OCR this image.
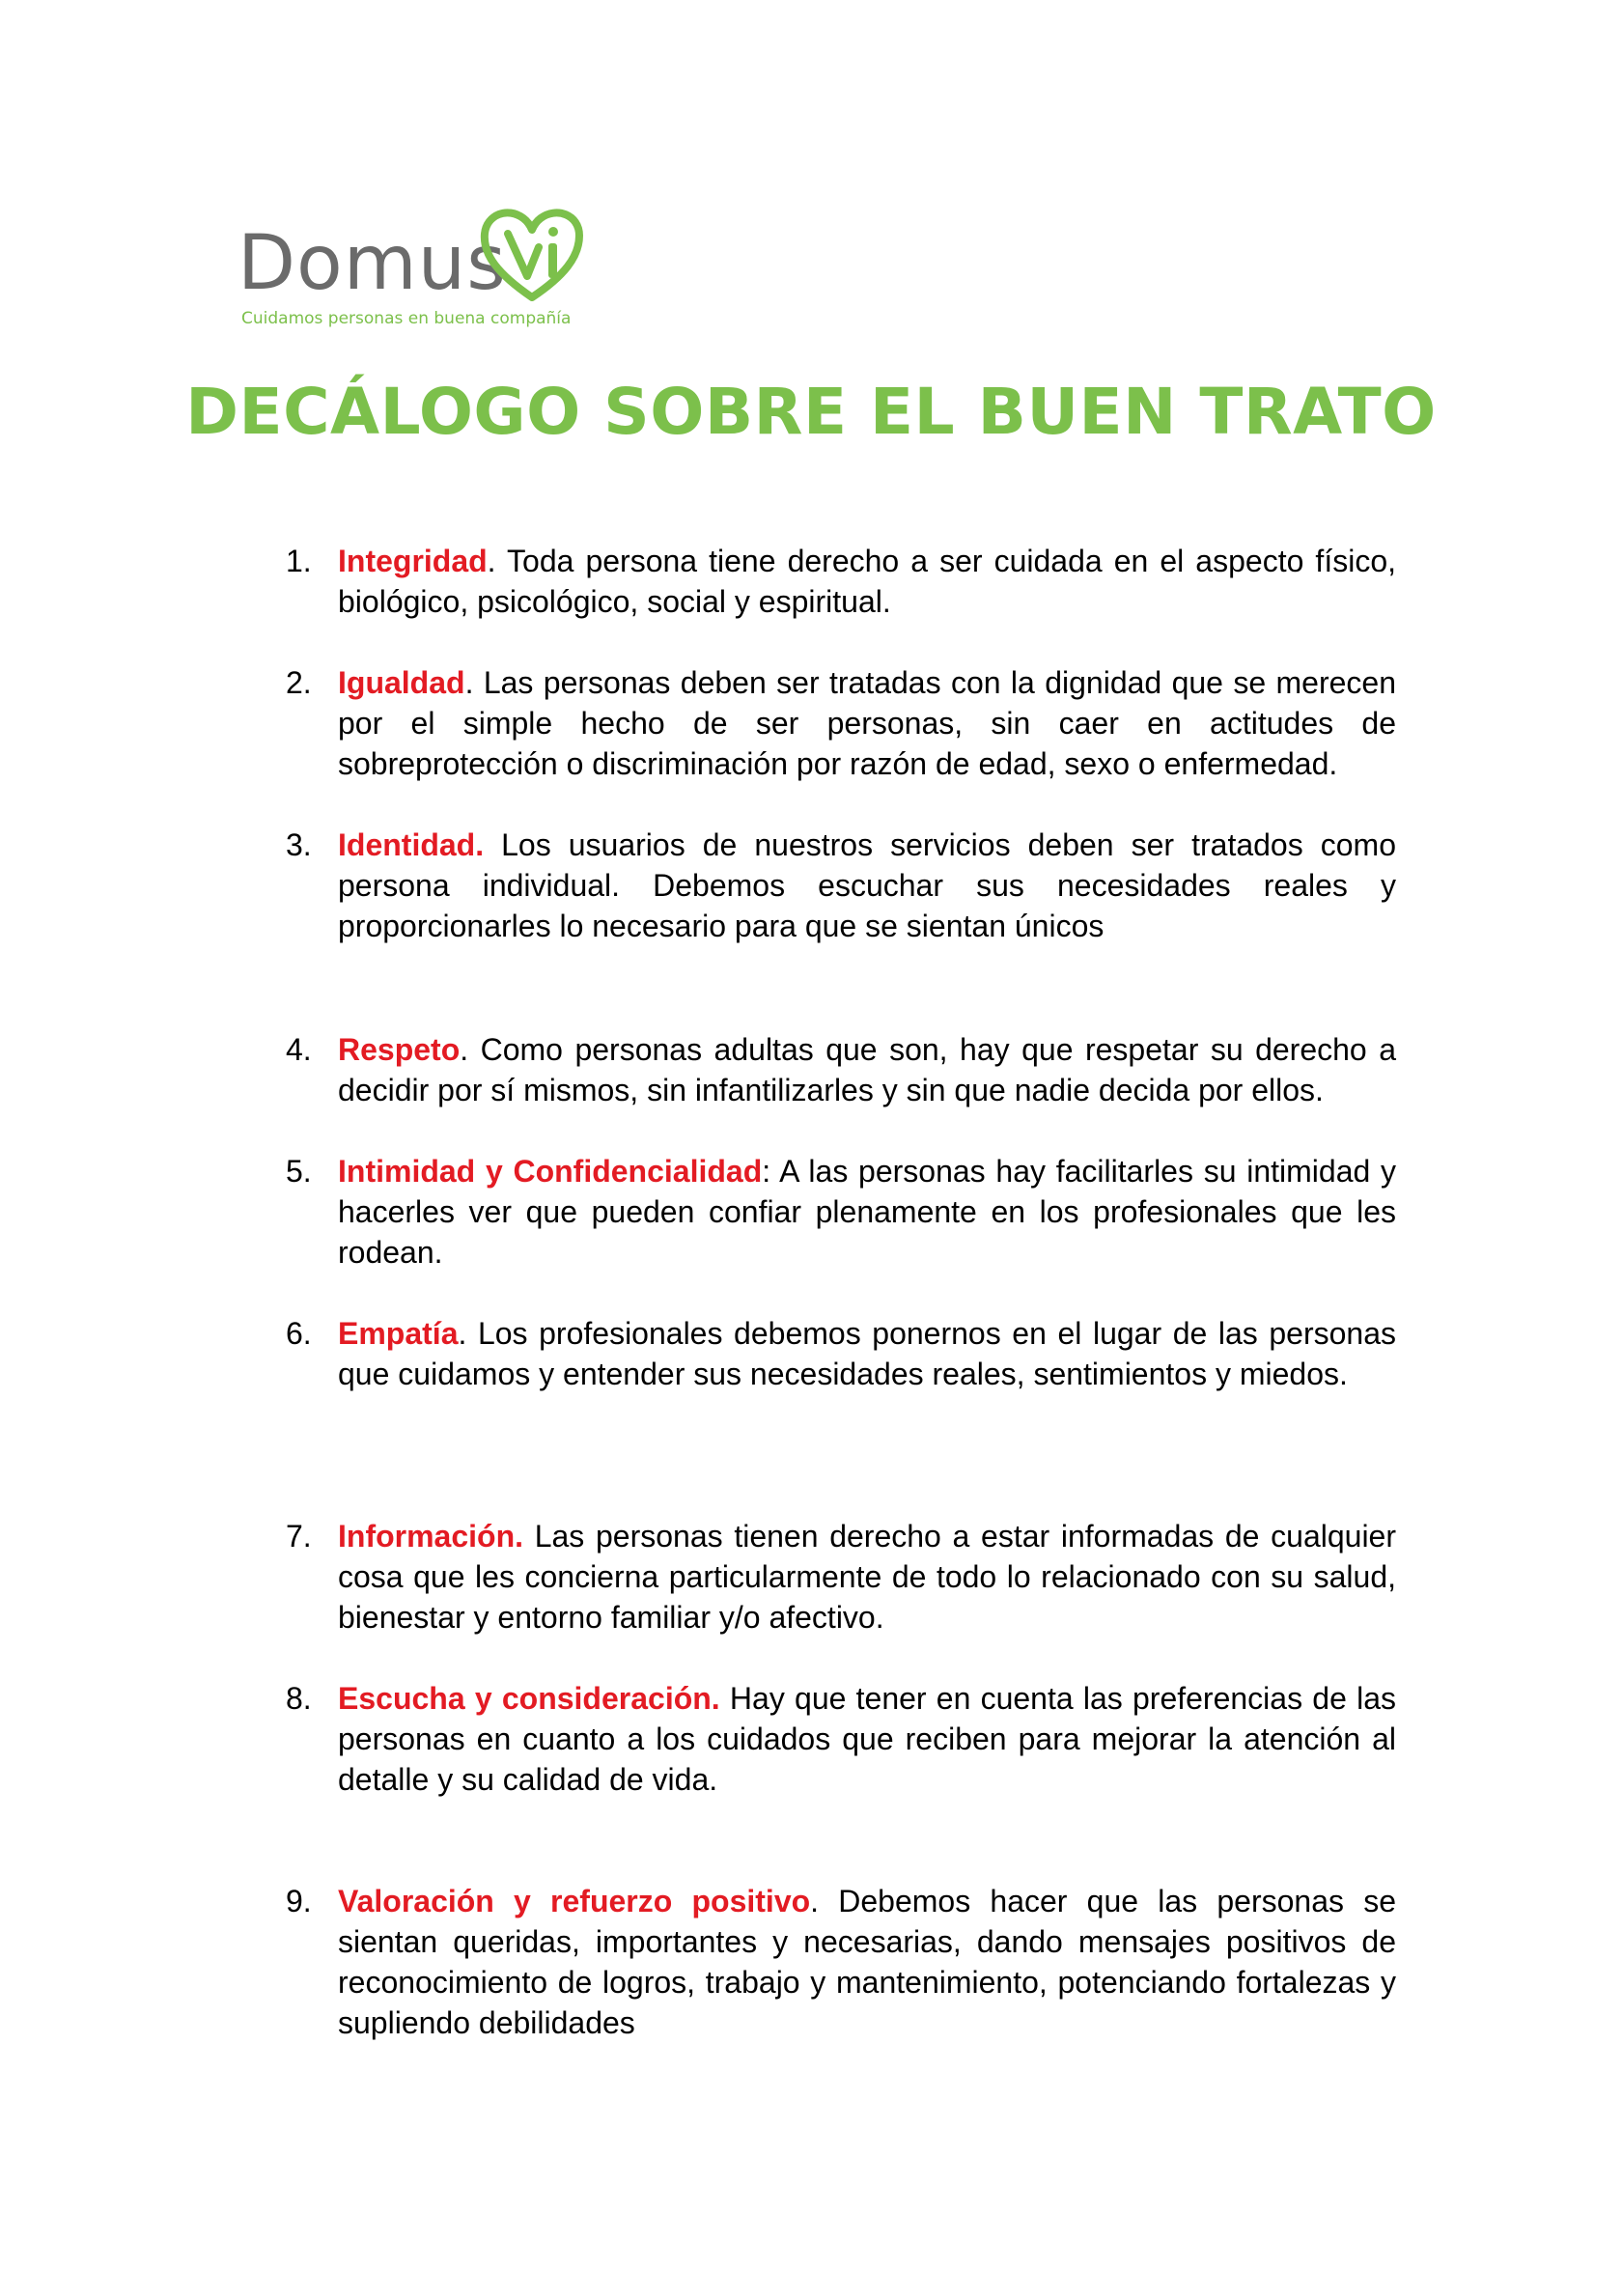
Domus
Cuidamos personas en buena compañía
DECÁLOGO SOBRE EL BUEN TRATO
1. Integridad. Toda persona tiene derecho a ser cuidada en el aspecto físico, biológico, psicológico, social y espiritual.
2. Igualdad. Las personas deben ser tratadas con la dignidad que se merecen por el simple hecho de ser personas, sin caer en actitudes de sobreprotección o discriminación por razón de edad, sexo o enfermedad.
3. Identidad. Los usuarios de nuestros servicios deben ser tratados como persona individual. Debemos escuchar sus necesidades reales y proporcionarles lo necesario para que se sientan únicos
4. Respeto. Como personas adultas que son, hay que respetar su derecho a decidir por sí mismos, sin infantilizarles y sin que nadie decida por ellos.
5. Intimidad y Confidencialidad: A las personas hay facilitarles su intimidad y hacerles ver que pueden confiar plenamente en los profesionales que les rodean.
6. Empatía. Los profesionales debemos ponernos en el lugar de las personas que cuidamos y entender sus necesidades reales, sentimientos y miedos.
7. Información. Las personas tienen derecho a estar informadas de cualquier cosa que les concierna particularmente de todo lo relacionado con su salud, bienestar y entorno familiar y/o afectivo.
8. Escucha y consideración. Hay que tener en cuenta las preferencias de las personas en cuanto a los cuidados que reciben para mejorar la atención al detalle y su calidad de vida.
9. Valoración y refuerzo positivo. Debemos hacer que las personas se sientan queridas, importantes y necesarias, dando mensajes positivos de reconocimiento de logros, trabajo y mantenimiento, potenciando fortalezas y supliendo debilidades
